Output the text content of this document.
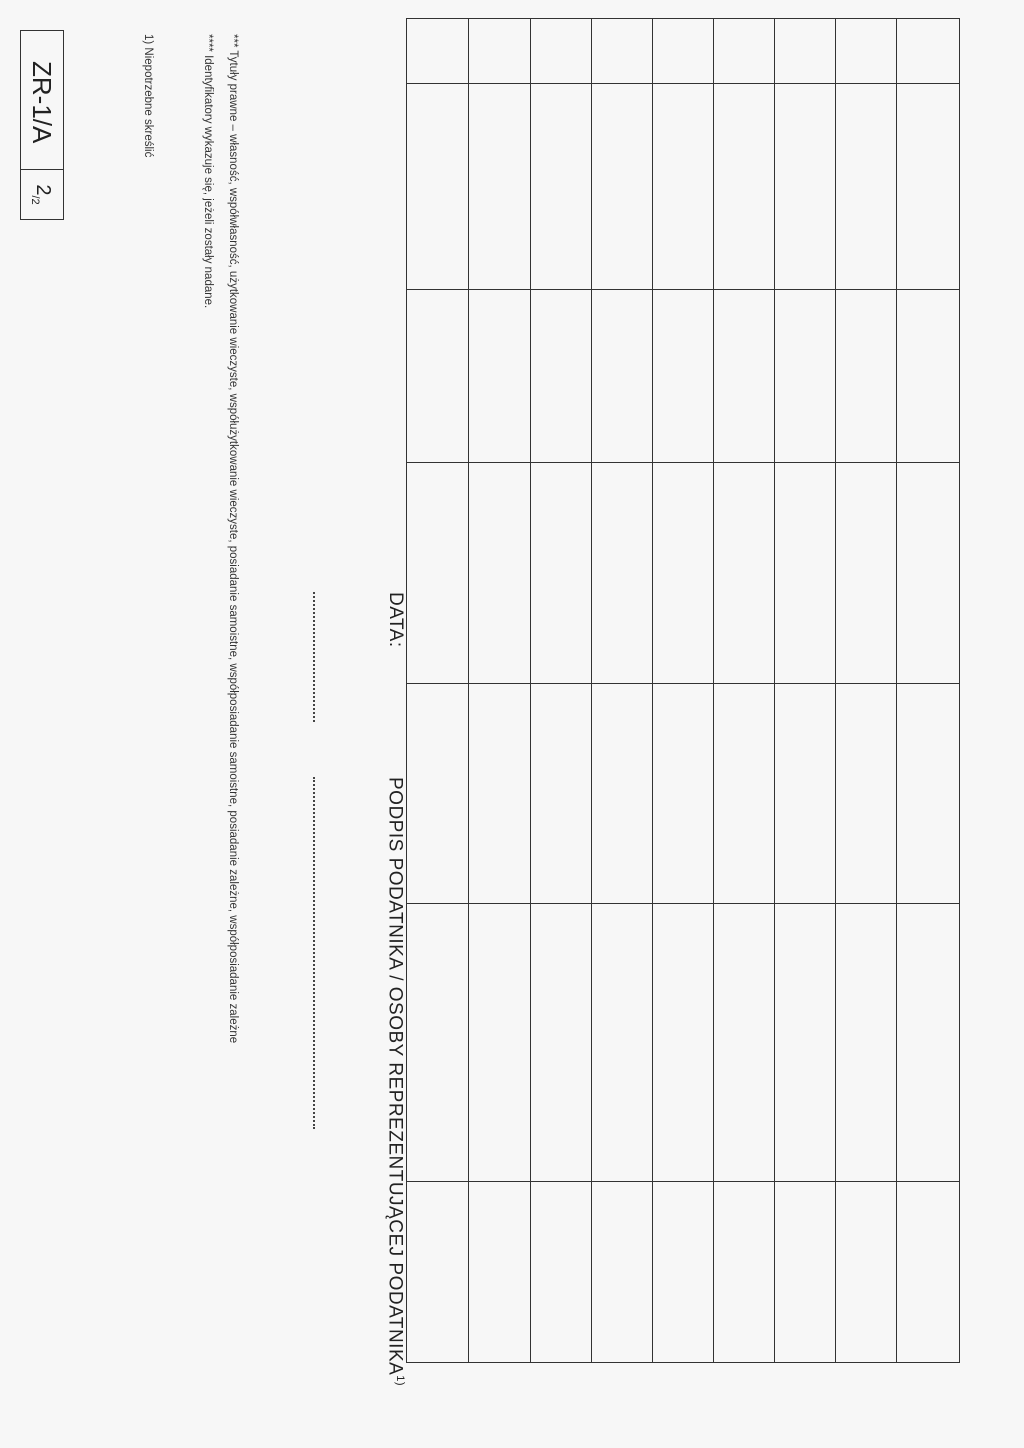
DATA:
PODPIS PODATNIKA / OSOBY REPREZENTUJĄCEJ PODATNIKA$^{1)}$
*** Tytuły prawne – własność, współwłasność, użytkowanie wieczyste, współużytkowanie wieczyste, posiadanie samoistne, współposiadanie samoistne, posiadanie zależne, współposiadanie zależne
**** Identyfikatory wykazuje się, jeżeli zostały nadane.
1) Niepotrzebne skreślić
ZR-1/A
$2_{/2}$
